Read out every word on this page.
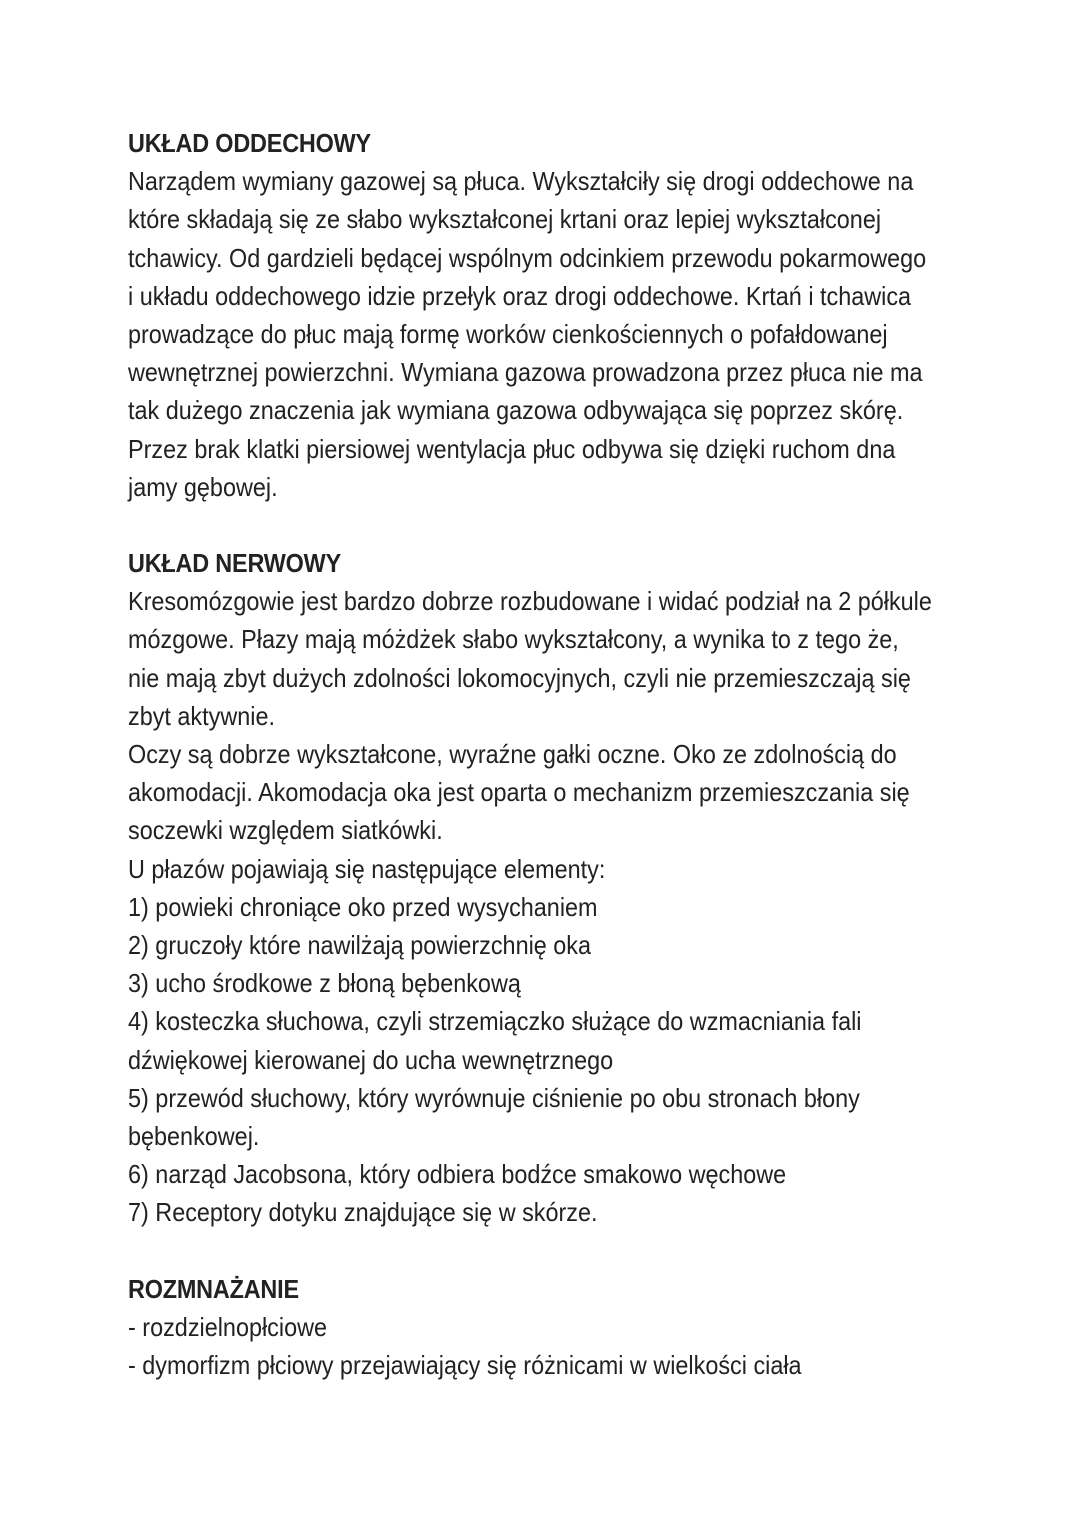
UKŁAD ODDECHOWY
Narządem wymiany gazowej są płuca. Wykształciły się drogi oddechowe na
które składają się ze słabo wykształconej krtani oraz lepiej wykształconej
tchawicy. Od gardzieli będącej wspólnym odcinkiem przewodu pokarmowego
i układu oddechowego idzie przełyk oraz drogi oddechowe. Krtań i tchawica
prowadzące do płuc mają formę worków cienkościennych o pofałdowanej
wewnętrznej powierzchni. Wymiana gazowa prowadzona przez płuca nie ma
tak dużego znaczenia jak wymiana gazowa odbywająca się poprzez skórę.
Przez brak klatki piersiowej wentylacja płuc odbywa się dzięki ruchom dna
jamy gębowej.
UKŁAD NERWOWY
Kresomózgowie jest bardzo dobrze rozbudowane i widać podział na 2 półkule
mózgowe. Płazy mają móżdżek słabo wykształcony, a wynika to z tego że,
nie mają zbyt dużych zdolności lokomocyjnych, czyli nie przemieszczają się
zbyt aktywnie.
Oczy są dobrze wykształcone, wyraźne gałki oczne. Oko ze zdolnością do
akomodacji. Akomodacja oka jest oparta o mechanizm przemieszczania się
soczewki względem siatkówki.
U płazów pojawiają się następujące elementy:
1) powieki chroniące oko przed wysychaniem
2) gruczoły które nawilżają powierzchnię oka
3) ucho środkowe z błoną bębenkową
4) kosteczka słuchowa, czyli strzemiączko służące do wzmacniania fali
dźwiękowej kierowanej do ucha wewnętrznego
5) przewód słuchowy, który wyrównuje ciśnienie po obu stronach błony
bębenkowej.
6) narząd Jacobsona, który odbiera bodźce smakowo węchowe
7) Receptory dotyku znajdujące się w skórze.
ROZMNAŻANIE
- rozdzielnopłciowe
- dymorfizm płciowy przejawiający się różnicami w wielkości ciała
